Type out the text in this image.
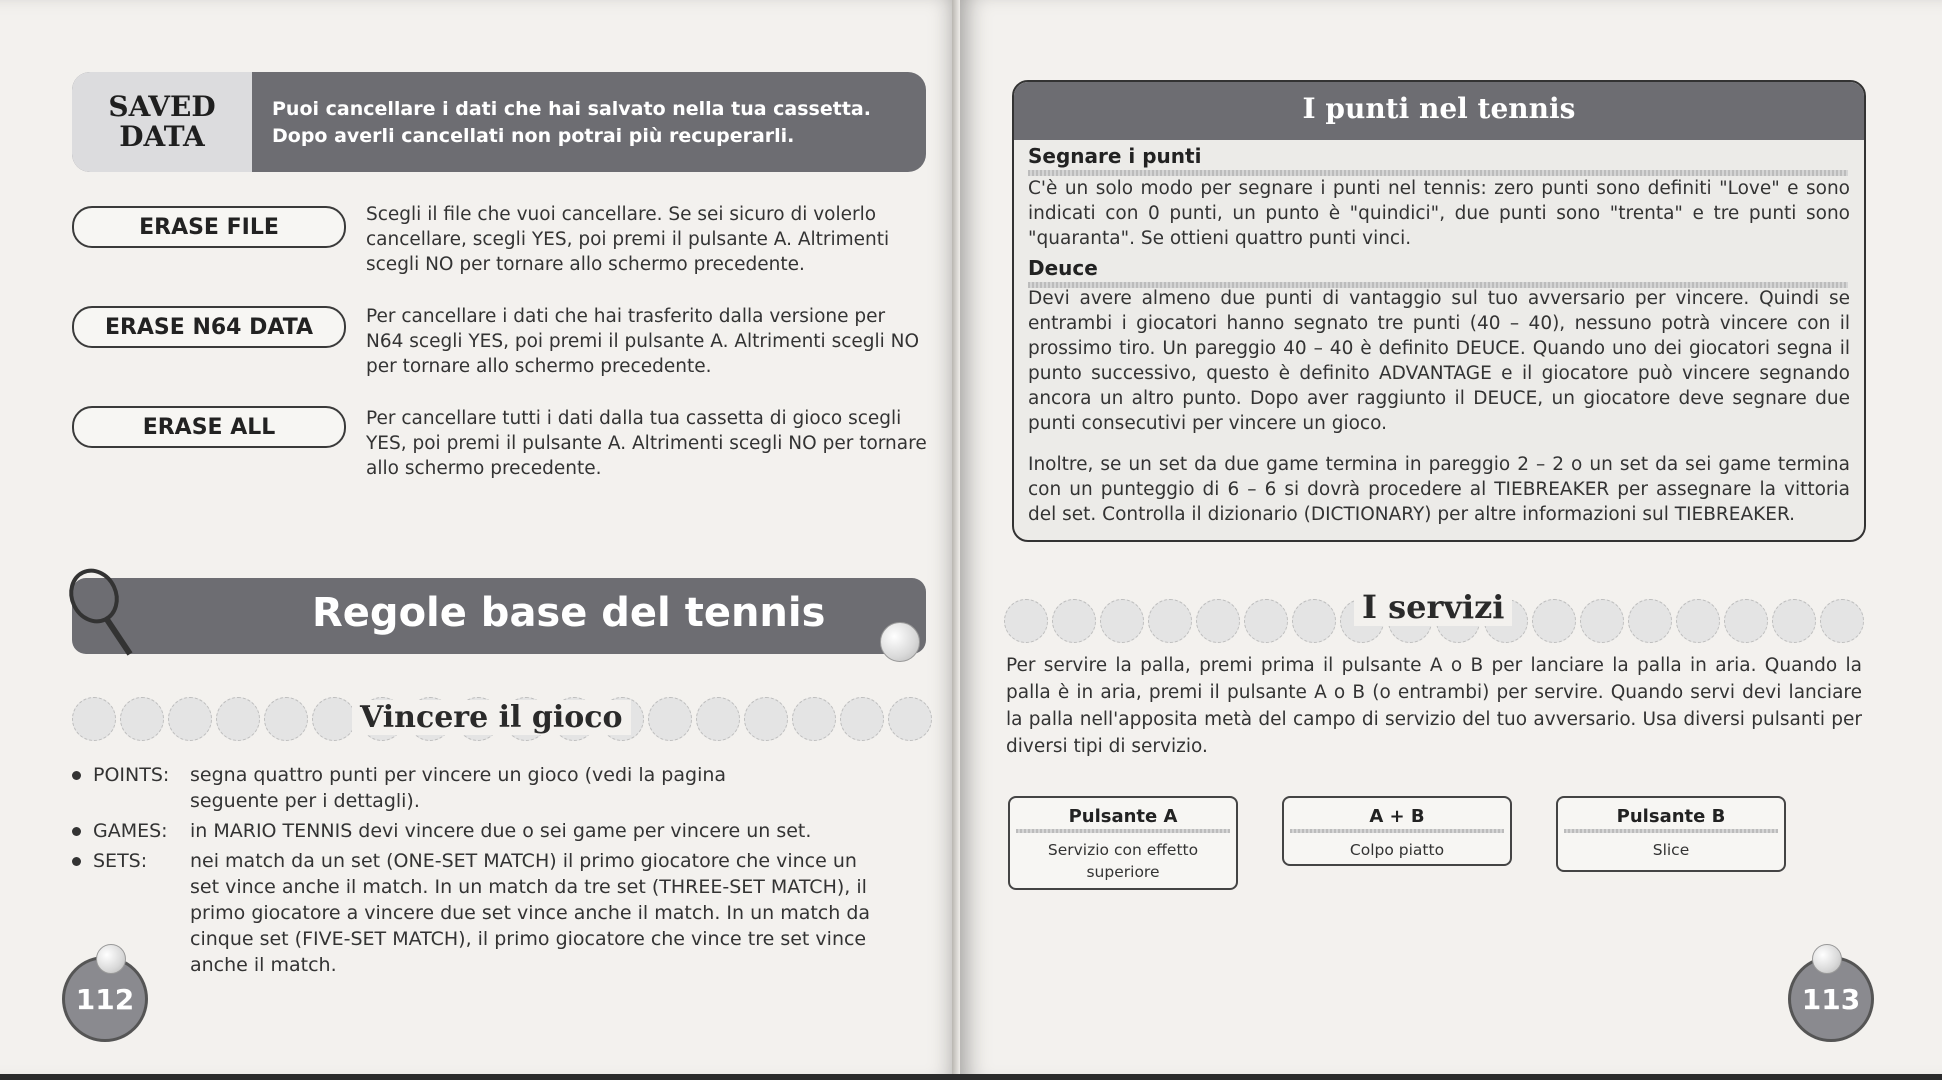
SAVED DATA
Puoi cancellare i dati che hai salvato nella tua cassetta.
Dopo averli cancellati non potrai più recuperarli.
ERASE FILE	Scegli il file che vuoi cancellare. Se sei sicuro di volerlo cancellare, scegli YES, poi premi il pulsante A. Altrimenti scegli NO per tornare allo schermo precedente.
ERASE N64 DATA	Per cancellare i dati che hai trasferito dalla versione per N64 scegli YES, poi premi il pulsante A. Altrimenti scegli NO per tornare allo schermo precedente.
ERASE ALL	Per cancellare tutti i dati dalla tua cassetta di gioco scegli YES, poi premi il pulsante A. Altrimenti scegli NO per tornare allo schermo precedente.
Regole base del tennis
Vincere il gioco
POINTS: segna quattro punti per vincere un gioco (vedi la pagina seguente per i dettagli).
GAMES: in MARIO TENNIS devi vincere due o sei game per vincere un set.
SETS: nei match da un set (ONE-SET MATCH) il primo giocatore che vince un set vince anche il match. In un match da tre set (THREE-SET MATCH), il primo giocatore a vincere due set vince anche il match. In un match da cinque set (FIVE-SET MATCH), il primo giocatore che vince tre set vince anche il match.
112
I punti nel tennis
Segnare i punti
C'è un solo modo per segnare i punti nel tennis: zero punti sono definiti "Love" e sono indicati con 0 punti, un punto è "quindici", due punti sono "trenta" e tre punti sono "quaranta". Se ottieni quattro punti vinci.
Deuce
Devi avere almeno due punti di vantaggio sul tuo avversario per vincere. Quindi se entrambi i giocatori hanno segnato tre punti (40 – 40), nessuno potrà vincere con il prossimo tiro. Un pareggio 40 – 40 è definito DEUCE. Quando uno dei giocatori segna il punto successivo, questo è definito ADVANTAGE e il giocatore può vincere segnando ancora un altro punto. Dopo aver raggiunto il DEUCE, un giocatore deve segnare due punti consecutivi per vincere un gioco.
Inoltre, se un set da due game termina in pareggio 2 – 2 o un set da sei game termina con un punteggio di 6 – 6 si dovrà procedere al TIEBREAKER per assegnare la vittoria del set. Controlla il dizionario (DICTIONARY) per altre informazioni sul TIEBREAKER.
I servizi
Per servire la palla, premi prima il pulsante A o B per lanciare la palla in aria. Quando la palla è in aria, premi il pulsante A o B (o entrambi) per servire. Quando servi devi lanciare la palla nell'apposita metà del campo di servizio del tuo avversario. Usa diversi pulsanti per diversi tipi di servizio.
Pulsante A
Servizio con effetto superiore
A + B
Colpo piatto
Pulsante B
Slice
113
